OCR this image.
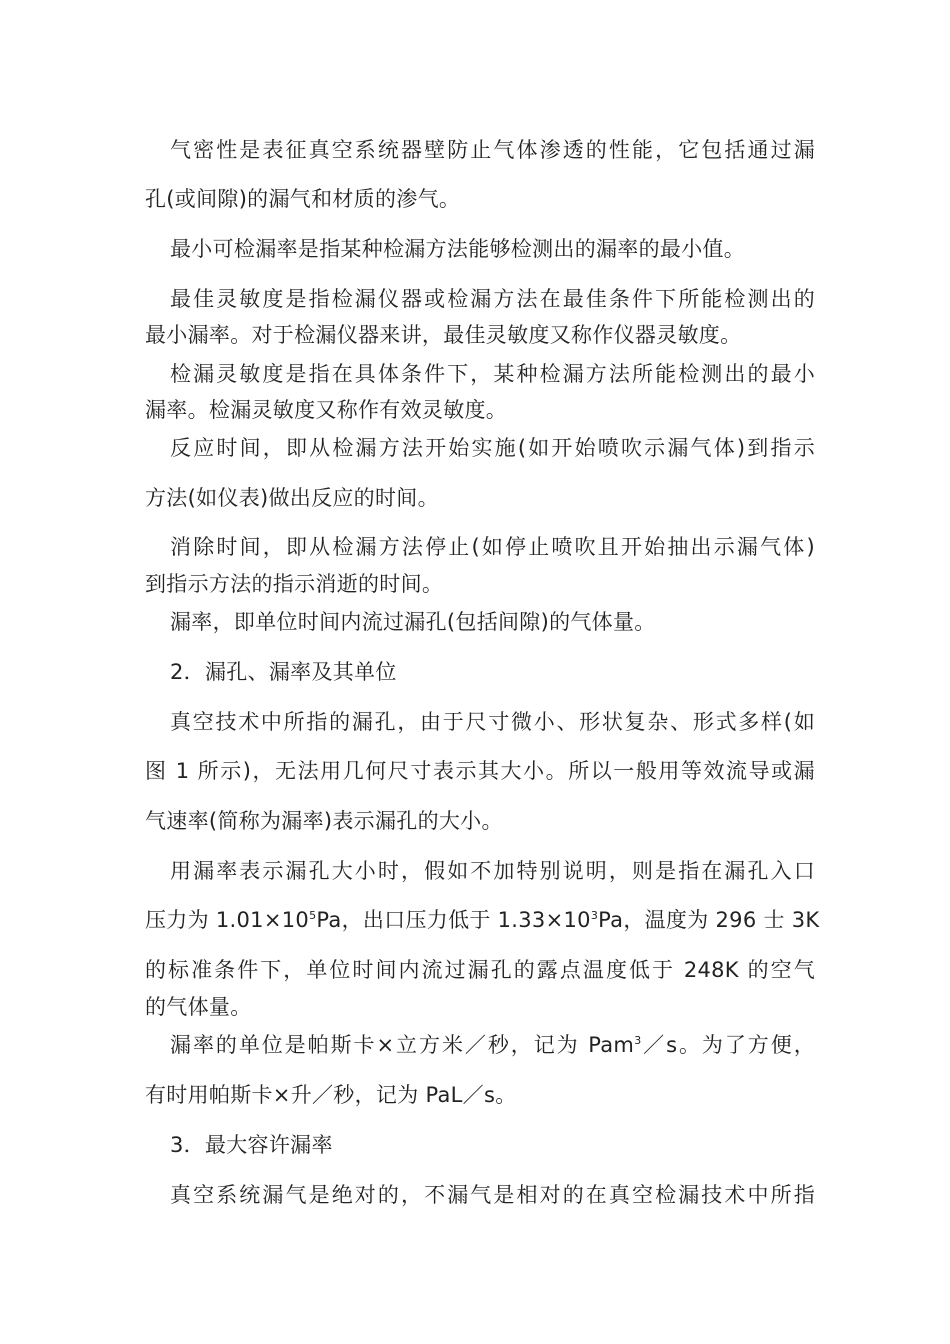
气密性是表征真空系统器壁防止气体渗透的性能，它包括通过漏
孔(或间隙)的漏气和材质的渗气。
最小可检漏率是指某种检漏方法能够检测出的漏率的最小值。
最佳灵敏度是指检漏仪器或检漏方法在最佳条件下所能检测出的
最小漏率。对于检漏仪器来讲，最佳灵敏度又称作仪器灵敏度。
检漏灵敏度是指在具体条件下，某种检漏方法所能检测出的最小
漏率。检漏灵敏度又称作有效灵敏度。
反应时间，即从检漏方法开始实施(如开始喷吹示漏气体)到指示
方法(如仪表)做出反应的时间。
消除时间，即从检漏方法停止(如停止喷吹且开始抽出示漏气体)
到指示方法的指示消逝的时间。
漏率，即单位时间内流过漏孔(包括间隙)的气体量。
2．漏孔、漏率及其单位
真空技术中所指的漏孔，由于尺寸微小、形状复杂、形式多样(如
图 1 所示)，无法用几何尺寸表示其大小。所以一般用等效流导或漏
气速率(简称为漏率)表示漏孔的大小。
用漏率表示漏孔大小时，假如不加特别说明，则是指在漏孔入口
压力为 $1.01\times 10^5Pa$，出口压力低于 $1.33\times 10^3Pa$，温度为 296 士 3K
的标准条件下，单位时间内流过漏孔的露点温度低于 248K 的空气
的气体量。
漏率的单位是帕斯卡×立方米／秒，记为 Pam$^3$／s。为了方便，
有时用帕斯卡×升／秒，记为 PaL／s。
3．最大容许漏率
真空系统漏气是绝对的，不漏气是相对的在真空检漏技术中所指
